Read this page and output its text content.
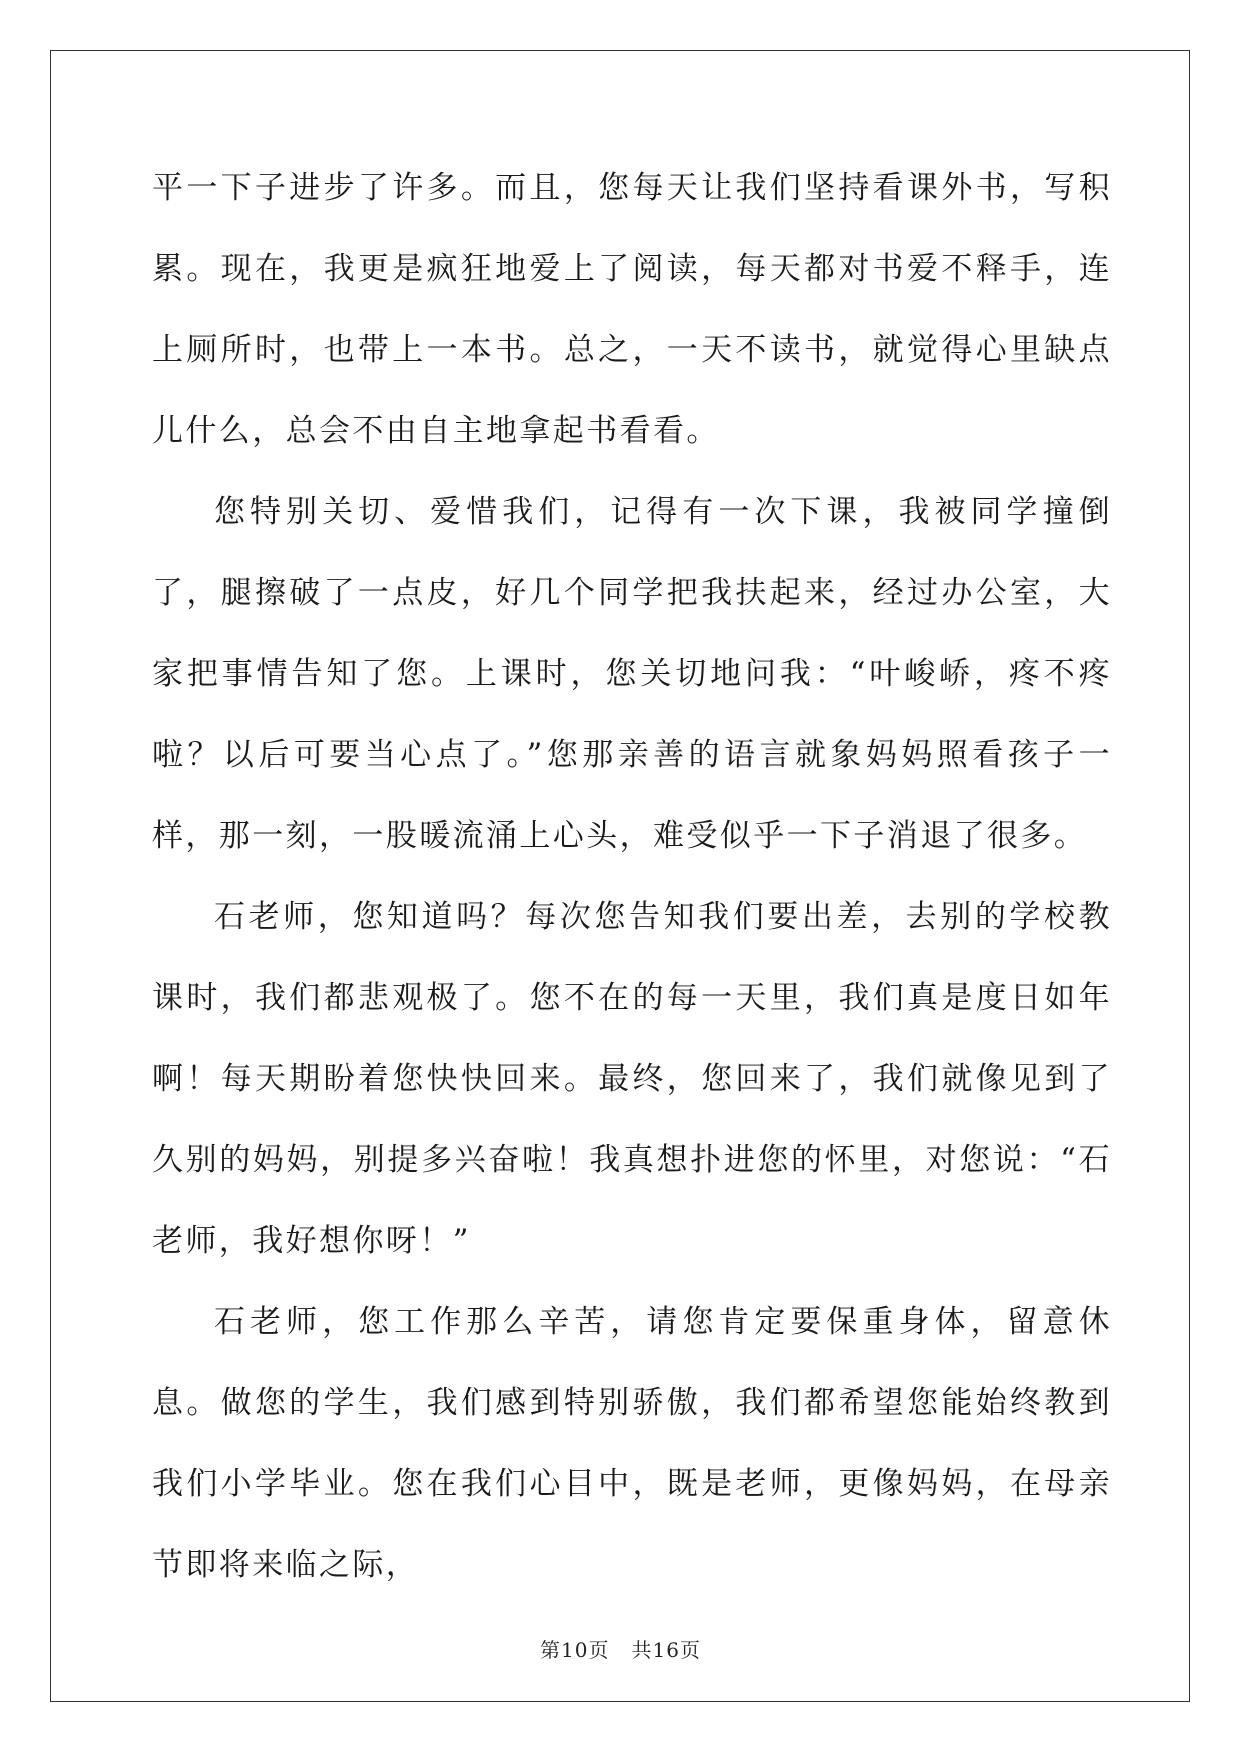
平一下子进步了许多。而且，您每天让我们坚持看课外书，写积累。现在，我更是疯狂地爱上了阅读，每天都对书爱不释手，连上厕所时，也带上一本书。总之，一天不读书，就觉得心里缺点儿什么，总会不由自主地拿起书看看。

您特别关切、爱惜我们，记得有一次下课，我被同学撞倒了，腿擦破了一点皮，好几个同学把我扶起来，经过办公室，大家把事情告知了您。上课时，您关切地问我：“叶峻峤，疼不疼啦？以后可要当心点了。”您那亲善的语言就象妈妈照看孩子一样，那一刻，一股暖流涌上心头，难受似乎一下子消退了很多。

石老师，您知道吗？每次您告知我们要出差，去别的学校教课时，我们都悲观极了。您不在的每一天里，我们真是度日如年啊！每天期盼着您快快回来。最终，您回来了，我们就像见到了久别的妈妈，别提多兴奋啦！我真想扑进您的怀里，对您说：“石老师，我好想你呀！”

石老师，您工作那么辛苦，请您肯定要保重身体，留意休息。做您的学生，我们感到特别骄傲，我们都希望您能始终教到我们小学毕业。您在我们心目中，既是老师，更像妈妈，在母亲节即将来临之际，

第10页 共16页
